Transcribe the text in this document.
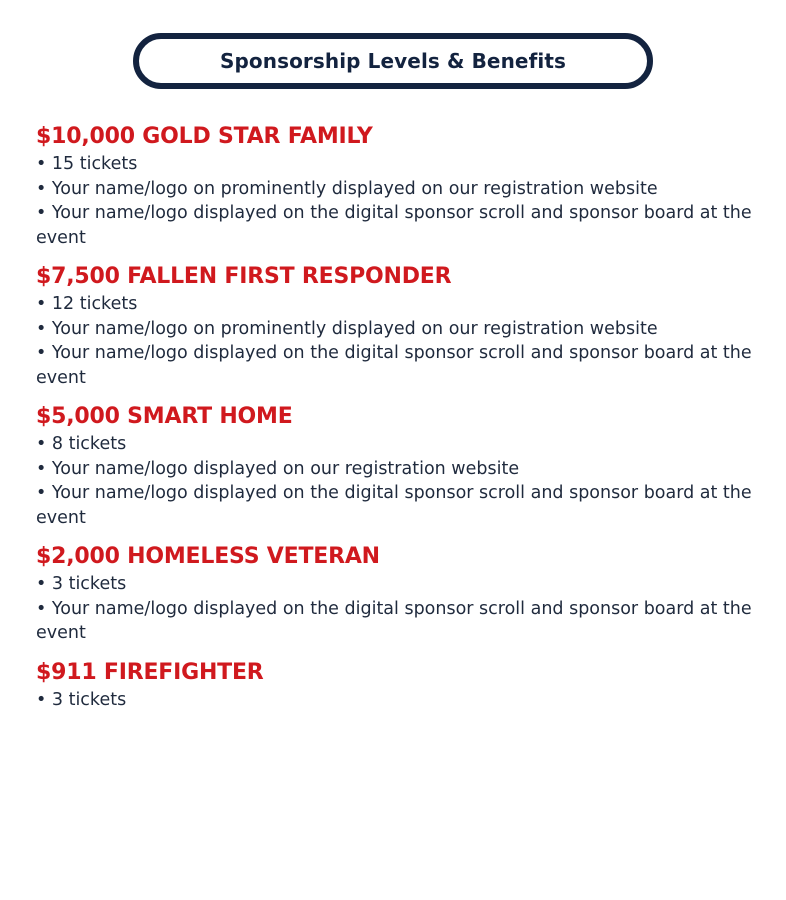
Sponsorship Levels & Benefits
$10,000 GOLD STAR FAMILY
• 15 tickets
• Your name/logo on prominently displayed on our registration website
• Your name/logo displayed on the digital sponsor scroll and sponsor board at the event
$7,500 FALLEN FIRST RESPONDER
• 12 tickets
• Your name/logo on prominently displayed on our registration website
• Your name/logo displayed on the digital sponsor scroll and sponsor board at the event
$5,000 SMART HOME
• 8 tickets
• Your name/logo displayed on our registration website
• Your name/logo displayed on the digital sponsor scroll and sponsor board at the event
$2,000 HOMELESS VETERAN
• 3 tickets
• Your name/logo displayed on the digital sponsor scroll and sponsor board at the event
$911 FIREFIGHTER
• 3 tickets
